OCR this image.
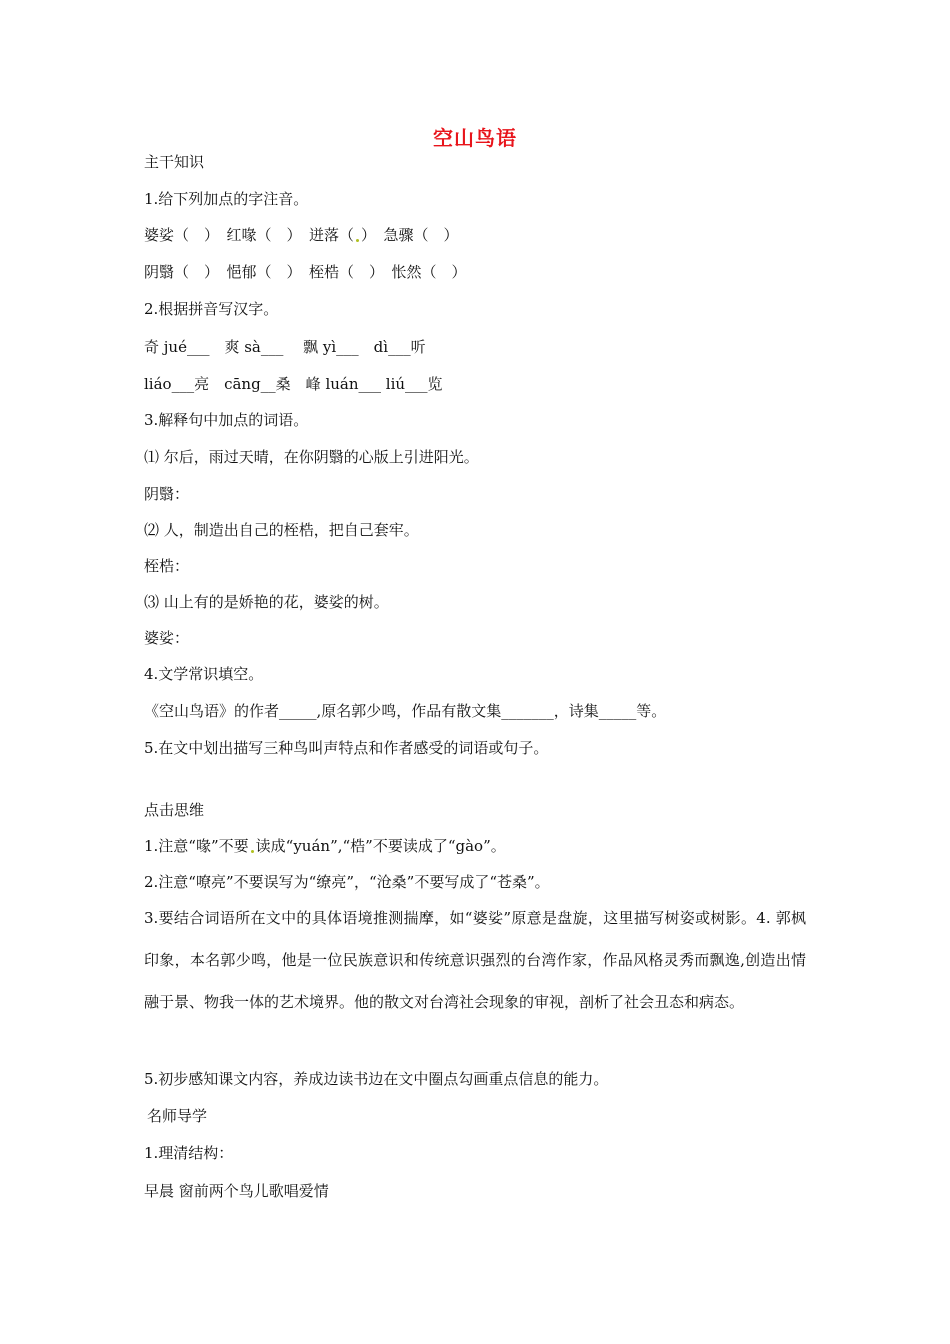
空山鸟语
主干知识
1.给下列加点的字注音。
婆娑（　）　红喙（　）　迸落（ ）　急骤（　）
阴翳（　）　悒郁（　）　桎梏（　）　怅然（　）
2.根据拼音写汉字。
奇 jué___　爽 sà___　 飘 yì___　dì___听
liáo___亮　cāng__桑　峰 luán___ liú___览
3.解释句中加点的词语。
⑴ 尔后，雨过天晴，在你阴翳的心版上引进阳光。
阴翳：
⑵ 人，制造出自己的桎梏，把自己套牢。
桎梏：
⑶ 山上有的是娇艳的花，婆娑的树。
婆娑：
4.文学常识填空。
《空山鸟语》的作者_____,原名郭少鸣，作品有散文集_______，诗集_____等。
5.在文中划出描写三种鸟叫声特点和作者感受的词语或句子。
点击思维
1.注意“喙”不要 读成“yuán”,“梏”不要读成了“gào”。
2.注意“嘹亮”不要误写为“缭亮”，“沧桑”不要写成了“苍桑”。
3.要结合词语所在文中的具体语境推测揣摩，如“婆娑”原意是盘旋，这里描写树姿或树影。4. 郭枫印象，本名郭少鸣，他是一位民族意识和传统意识强烈的台湾作家，作品风格灵秀而飘逸,创造出情融于景、物我一体的艺术境界。他的散文对台湾社会现象的审视，剖析了社会丑态和病态。
5.初步感知课文内容，养成边读书边在文中圈点勾画重点信息的能力。
名师导学
1.理清结构：
早晨 窗前两个鸟儿歌唱爱情
